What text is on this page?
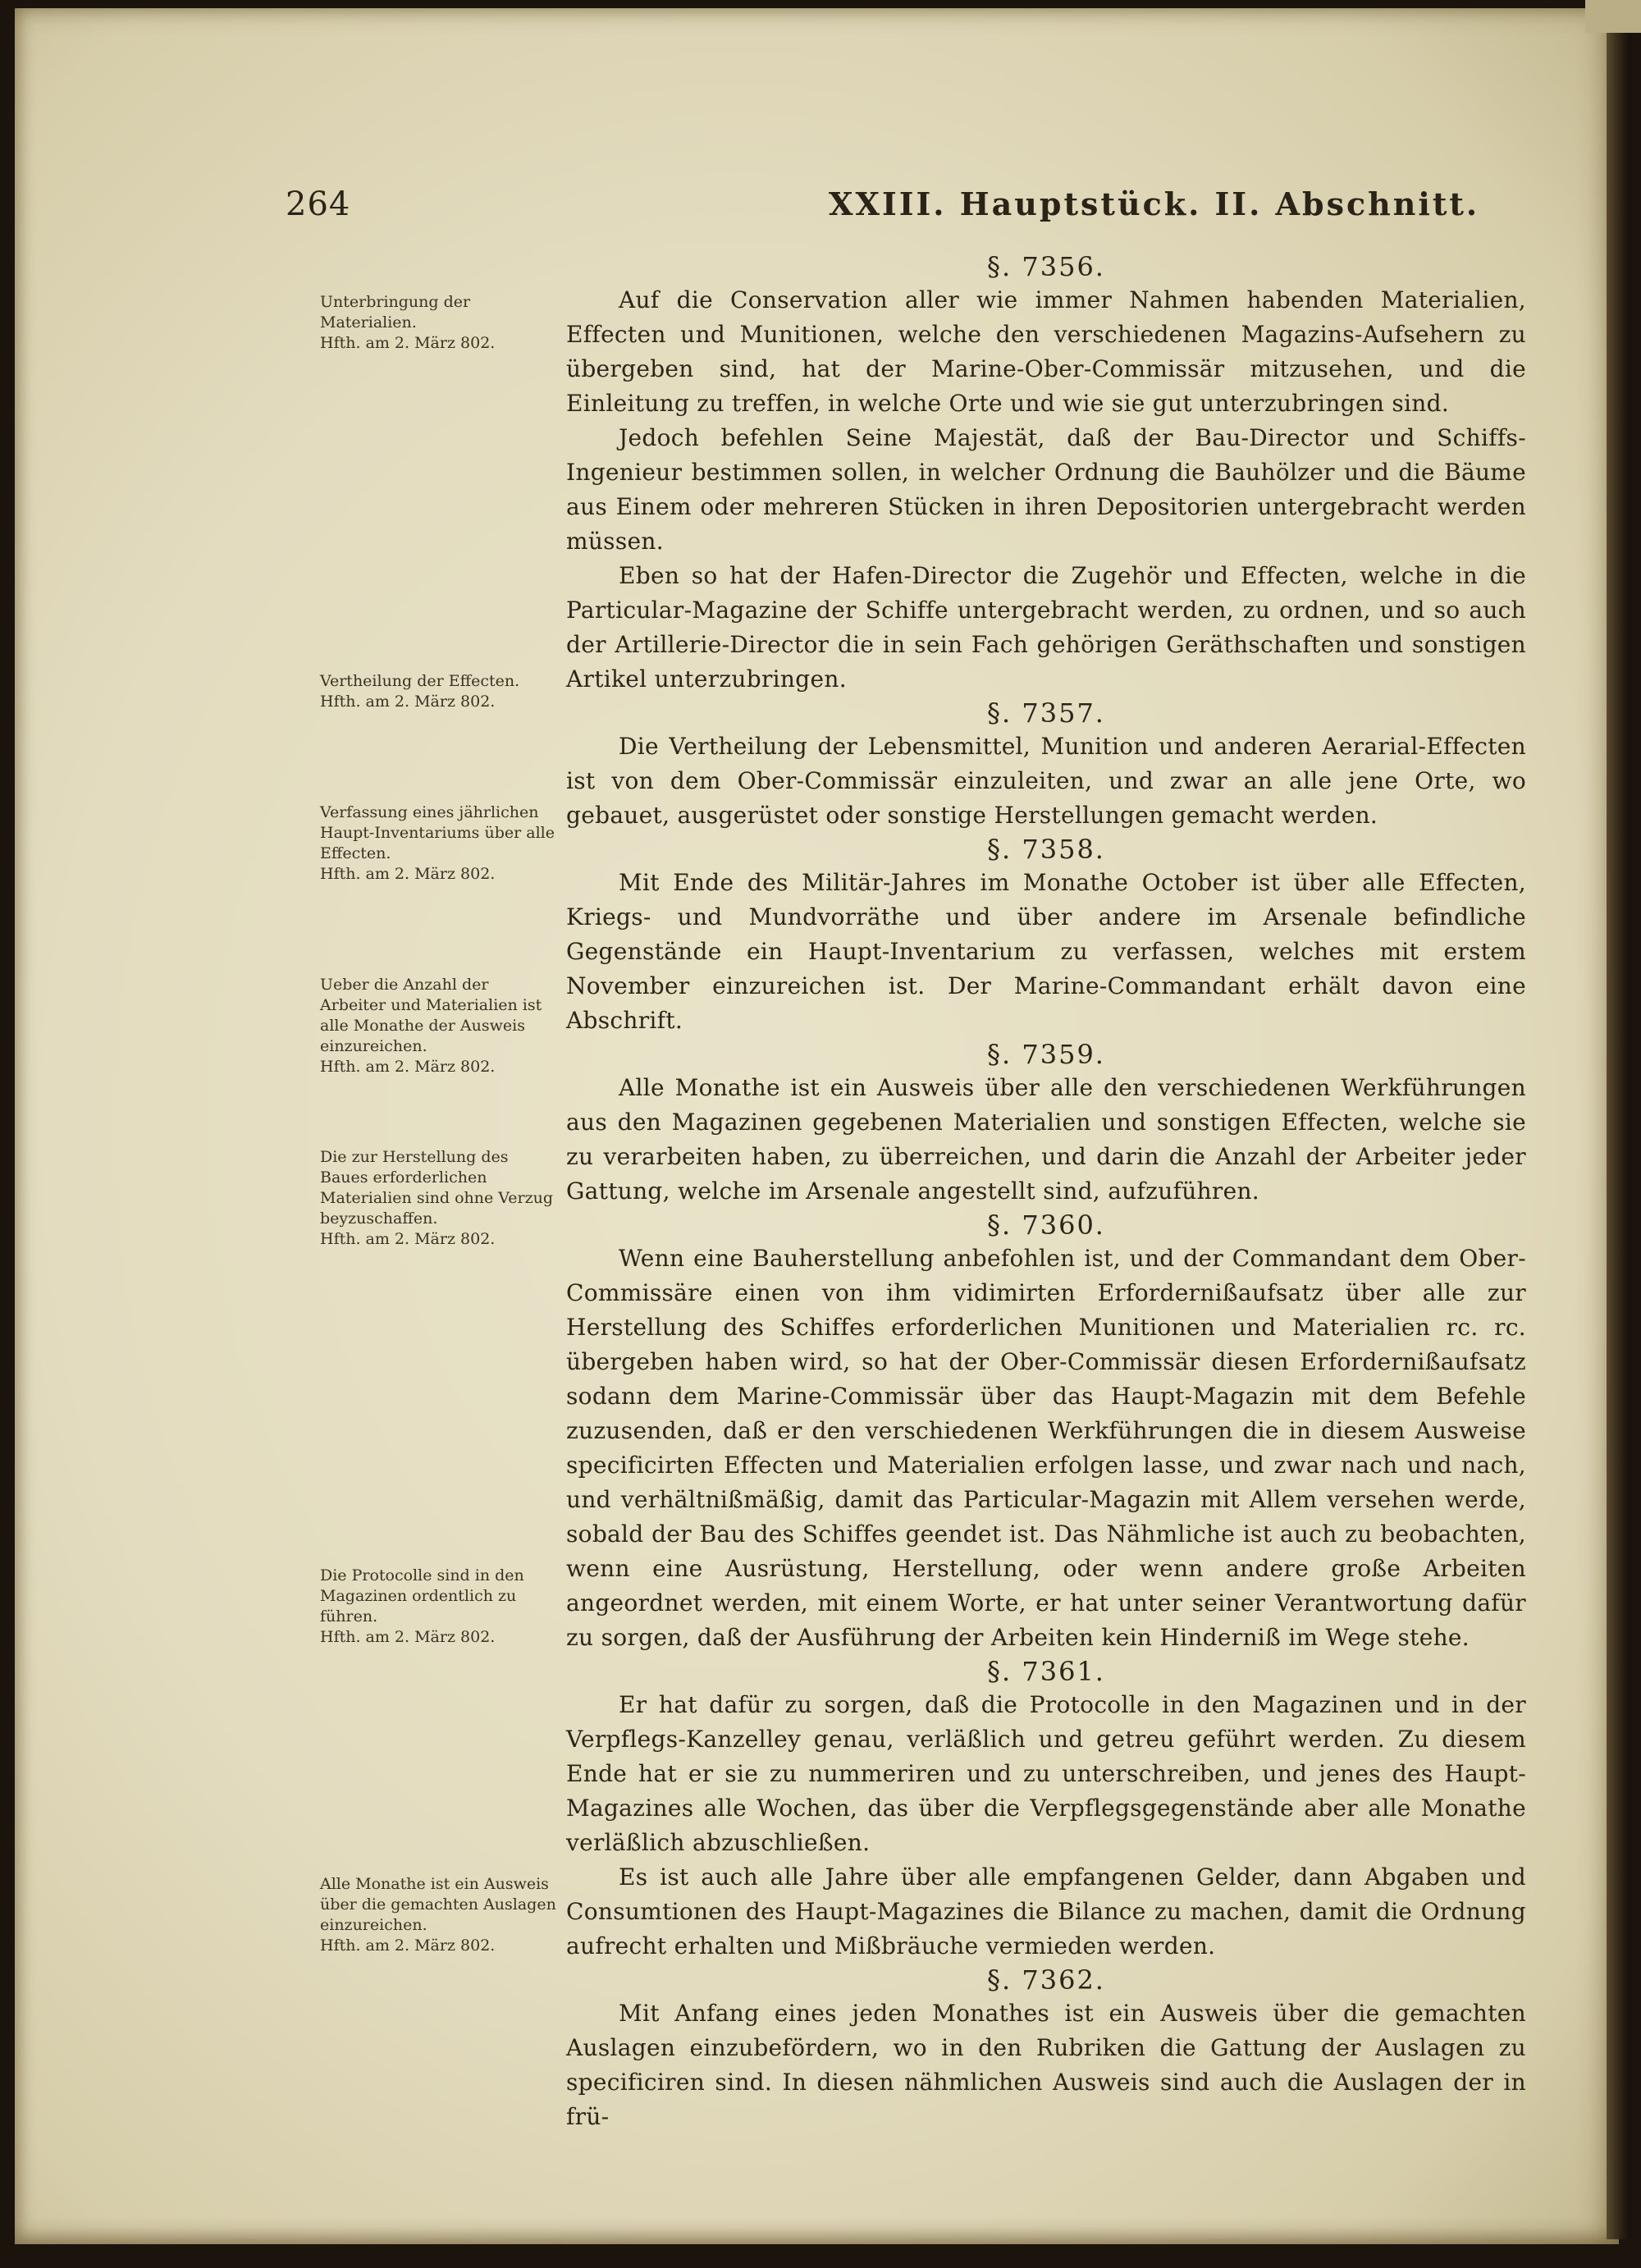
264	XXIII. Hauptstück. II. Abschnitt.
Unterbringung der Materialien.
Hfth. am 2. März 802.
Vertheilung der Effecten.
Hfth. am 2. März 802.
Verfassung eines jährlichen Haupt-Inventariums über alle Effecten.
Hfth. am 2. März 802.
Ueber die Anzahl der Arbeiter und Materialien ist alle Monathe der Ausweis einzureichen.
Hfth. am 2. März 802.
Die zur Herstellung des Baues erforderlichen Materialien sind ohne Verzug beyzuschaffen.
Hfth. am 2. März 802.
Die Protocolle sind in den Magazinen ordentlich zu führen.
Hfth. am 2. März 802.
Alle Monathe ist ein Ausweis über die gemachten Auslagen einzureichen.
Hfth. am 2. März 802.

§. 7356.

Auf die Conservation aller wie immer Nahmen habenden Materialien, Effecten und Munitionen, welche den verschiedenen Magazins-Aufsehern zu übergeben sind, hat der Marine-Ober-Commissär mitzusehen, und die Einleitung zu treffen, in welche Orte und wie sie gut unterzubringen sind.

Jedoch befehlen Seine Majestät, daß der Bau-Director und Schiffs-Ingenieur bestimmen sollen, in welcher Ordnung die Bauhölzer und die Bäume aus Einem oder mehreren Stücken in ihren Depositorien untergebracht werden müssen.

Eben so hat der Hafen-Director die Zugehör und Effecten, welche in die Particular-Magazine der Schiffe untergebracht werden, zu ordnen, und so auch der Artillerie-Director die in sein Fach gehörigen Geräthschaften und sonstigen Artikel unterzubringen.

§. 7357.

Die Vertheilung der Lebensmittel, Munition und anderen Aerarial-Effecten ist von dem Ober-Commissär einzuleiten, und zwar an alle jene Orte, wo gebauet, ausgerüstet oder sonstige Herstellungen gemacht werden.

§. 7358.

Mit Ende des Militär-Jahres im Monathe October ist über alle Effecten, Kriegs- und Mundvorräthe und über andere im Arsenale befindliche Gegenstände ein Haupt-Inventarium zu verfassen, welches mit erstem November einzureichen ist. Der Marine-Commandant erhält davon eine Abschrift.

§. 7359.

Alle Monathe ist ein Ausweis über alle den verschiedenen Werkführungen aus den Magazinen gegebenen Materialien und sonstigen Effecten, welche sie zu verarbeiten haben, zu überreichen, und darin die Anzahl der Arbeiter jeder Gattung, welche im Arsenale angestellt sind, aufzuführen.

§. 7360.

Wenn eine Bauherstellung anbefohlen ist, und der Commandant dem Ober-Commissäre einen von ihm vidimirten Erfordernißaufsatz über alle zur Herstellung des Schiffes erforderlichen Munitionen und Materialien rc. rc. übergeben haben wird, so hat der Ober-Commissär diesen Erfordernißaufsatz sodann dem Marine-Commissär über das Haupt-Magazin mit dem Befehle zuzusenden, daß er den verschiedenen Werkführungen die in diesem Ausweise specificirten Effecten und Materialien erfolgen lasse, und zwar nach und nach, und verhältnißmäßig, damit das Particular-Magazin mit Allem versehen werde, sobald der Bau des Schiffes geendet ist. Das Nähmliche ist auch zu beobachten, wenn eine Ausrüstung, Herstellung, oder wenn andere große Arbeiten angeordnet werden, mit einem Worte, er hat unter seiner Verantwortung dafür zu sorgen, daß der Ausführung der Arbeiten kein Hinderniß im Wege stehe.

§. 7361.

Er hat dafür zu sorgen, daß die Protocolle in den Magazinen und in der Verpflegs-Kanzelley genau, verläßlich und getreu geführt werden. Zu diesem Ende hat er sie zu nummeriren und zu unterschreiben, und jenes des Haupt-Magazines alle Wochen, das über die Verpflegsgegenstände aber alle Monathe verläßlich abzuschließen.

Es ist auch alle Jahre über alle empfangenen Gelder, dann Abgaben und Consumtionen des Haupt-Magazines die Bilance zu machen, damit die Ordnung aufrecht erhalten und Mißbräuche vermieden werden.

§. 7362.

Mit Anfang eines jeden Monathes ist ein Ausweis über die gemachten Auslagen einzubefördern, wo in den Rubriken die Gattung der Auslagen zu specificiren sind. In diesen nähmlichen Ausweis sind auch die Auslagen der in frü-
